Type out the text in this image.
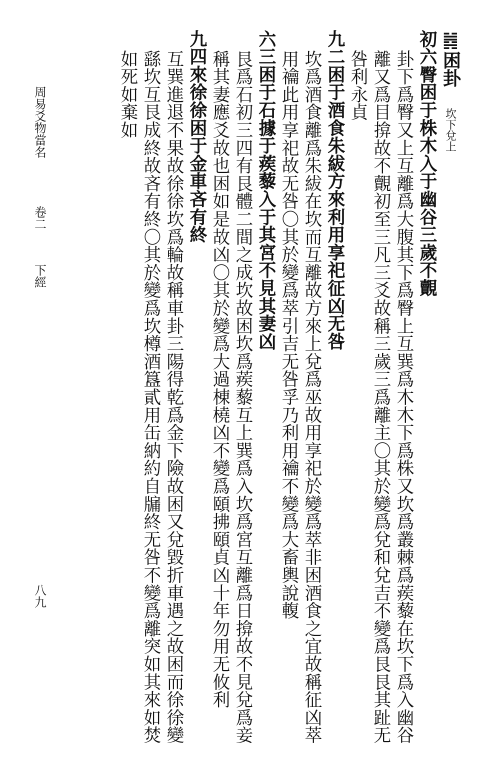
䷮困卦 坎下兌上
初六臀困于株木入于幽谷三歲不覿
卦下爲臀又上互離爲大腹其下爲臀上互巽爲木木下爲株又坎爲叢棘爲蒺藜在坎下爲入幽谷
離又爲目揜故不覿初至三凡三爻故稱三歲三爲離主〇其於變爲兌和兌吉不變爲艮艮其趾无
咎利永貞
九二困于酒食朱紱方來利用享祀征凶无咎
坎爲酒食離爲朱紱在坎而互離故方來上兌爲巫故用享祀於變爲萃非困酒食之宜故稱征凶萃
用禴此用享祀故无咎〇其於變爲萃引吉无咎孚乃利用禴不變爲大畜輿說輹
六三困于石據于蒺藜入于其宮不見其妻凶
艮爲石初三四有艮體二間之成坎故困坎爲蒺藜互上巽爲入坎爲宮互離爲日揜故不見兌爲妾
稱其妻應爻故也困如是故凶〇其於變爲大過棟橈凶不變爲頤拂頤貞凶十年勿用无攸利
九四來徐徐困于金車吝有終
互巽進退不果故徐徐坎爲輪故稱車卦三陽得乾爲金下險故困又兌毀折車遇之故困而徐徐變
繇坎互艮成終故吝有終〇其於變爲坎樽酒簋貳用缶納約自牖終无咎不變爲離突如其來如焚
如死如棄如
周易爻物當名
卷二
下經
八九
